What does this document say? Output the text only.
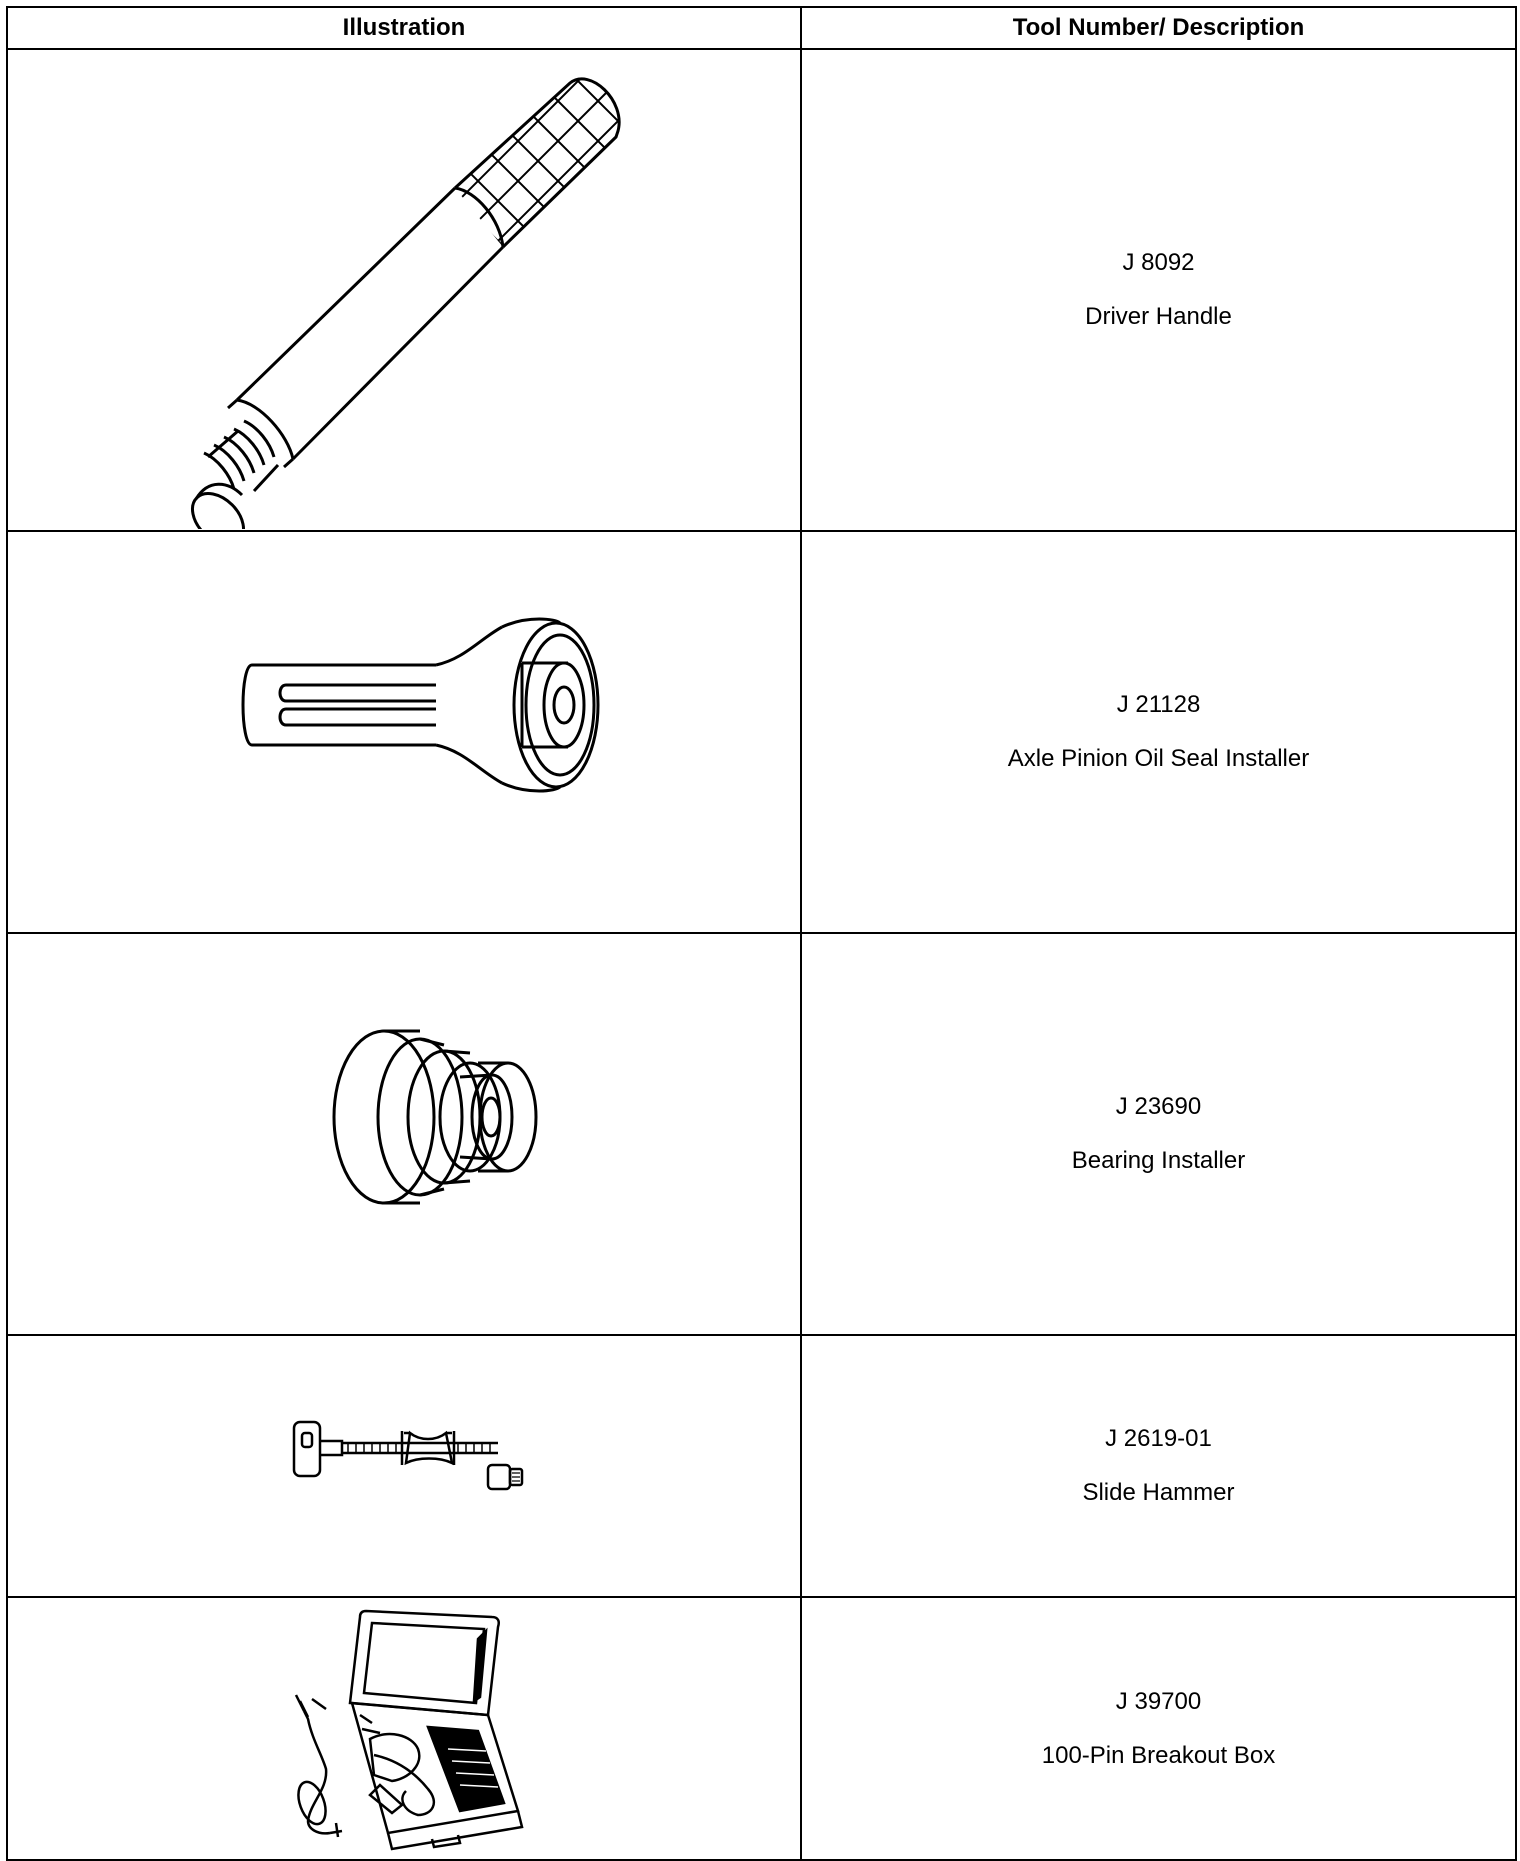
Illustration	Tool Number/ Description

J 8092
Driver Handle

J 21128
Axle Pinion Oil Seal Installer

J 23690
Bearing Installer

J 2619-01
Slide Hammer

J 39700
100-Pin Breakout Box
